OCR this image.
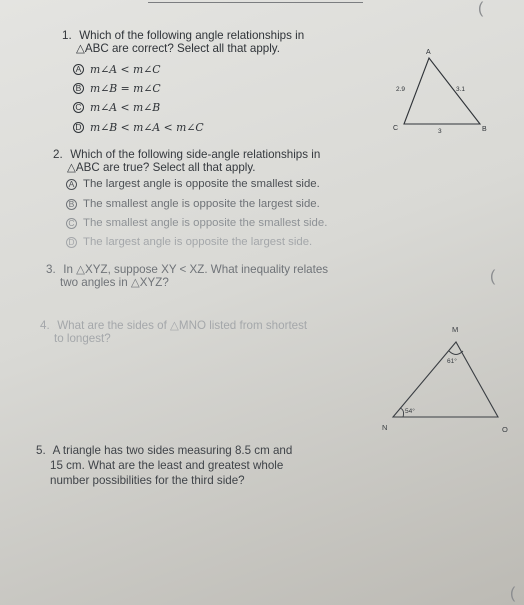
(
1. Which of the following angle relationships in
△ABC are correct? Select all that apply.
A m∠A < m∠C
B m∠B = m∠C
C m∠A < m∠B
D m∠B < m∠A < m∠C
A
B
C
2.9	3.1
3
2. Which of the following side-angle relationships in
△ABC are true? Select all that apply.
A The largest angle is opposite the smallest side.
B The smallest angle is opposite the largest side.
C The smallest angle is opposite the smallest side.
D The largest angle is opposite the largest side.
3. In △XYZ, suppose XY < XZ. What inequality relates
two angles in △XYZ?	(
4. What are the sides of △MNO listed from shortest
to longest?
M
N	O
61°
54°
5. A triangle has two sides measuring 8.5 cm and
15 cm. What are the least and greatest whole
number possibilities for the third side?
(
